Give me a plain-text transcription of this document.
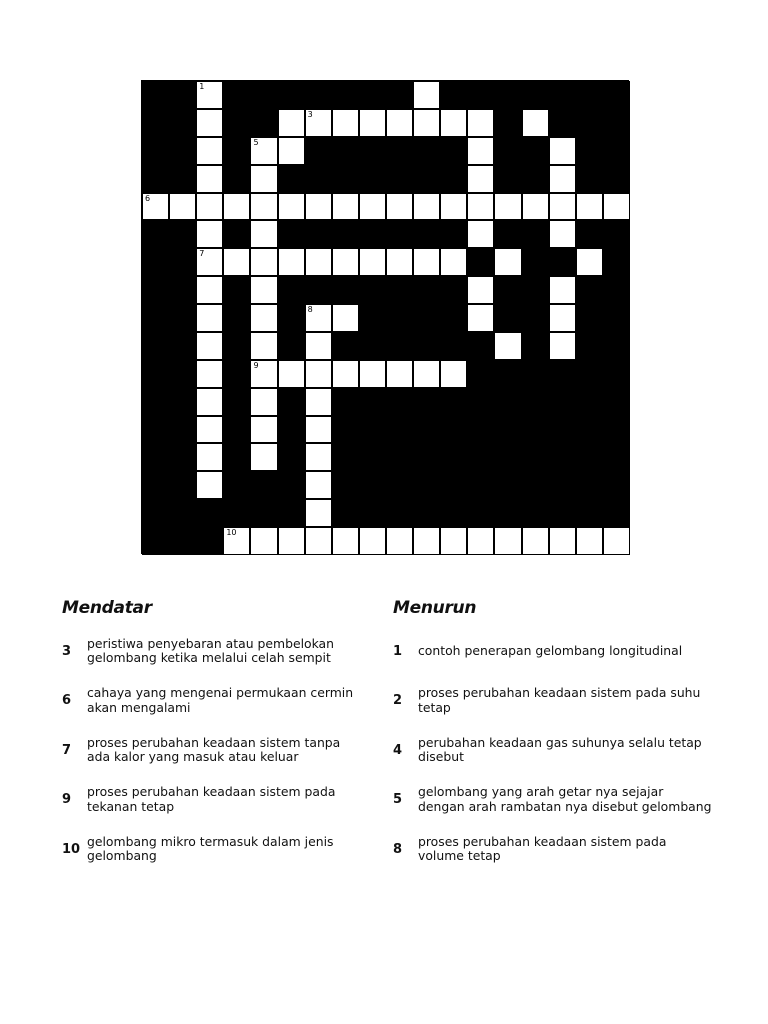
1	2
3	4
5
6
7
8
9
10
Mendatar
3
peristiwa penyebaran atau pembelokan gelombang ketika melalui celah sempit
6
cahaya yang mengenai permukaan cermin akan mengalami
7
proses perubahan keadaan sistem tanpa ada kalor yang masuk atau keluar
9
proses perubahan keadaan sistem pada tekanan tetap
10
gelombang mikro termasuk dalam jenis gelombang
Menurun
1	contoh penerapan gelombang longitudinal
2
proses perubahan keadaan sistem pada suhu tetap
4
perubahan keadaan gas suhunya selalu tetap disebut
5
gelombang yang arah getar nya sejajar dengan arah rambatan nya disebut gelombang
8
proses perubahan keadaan sistem pada volume tetap
